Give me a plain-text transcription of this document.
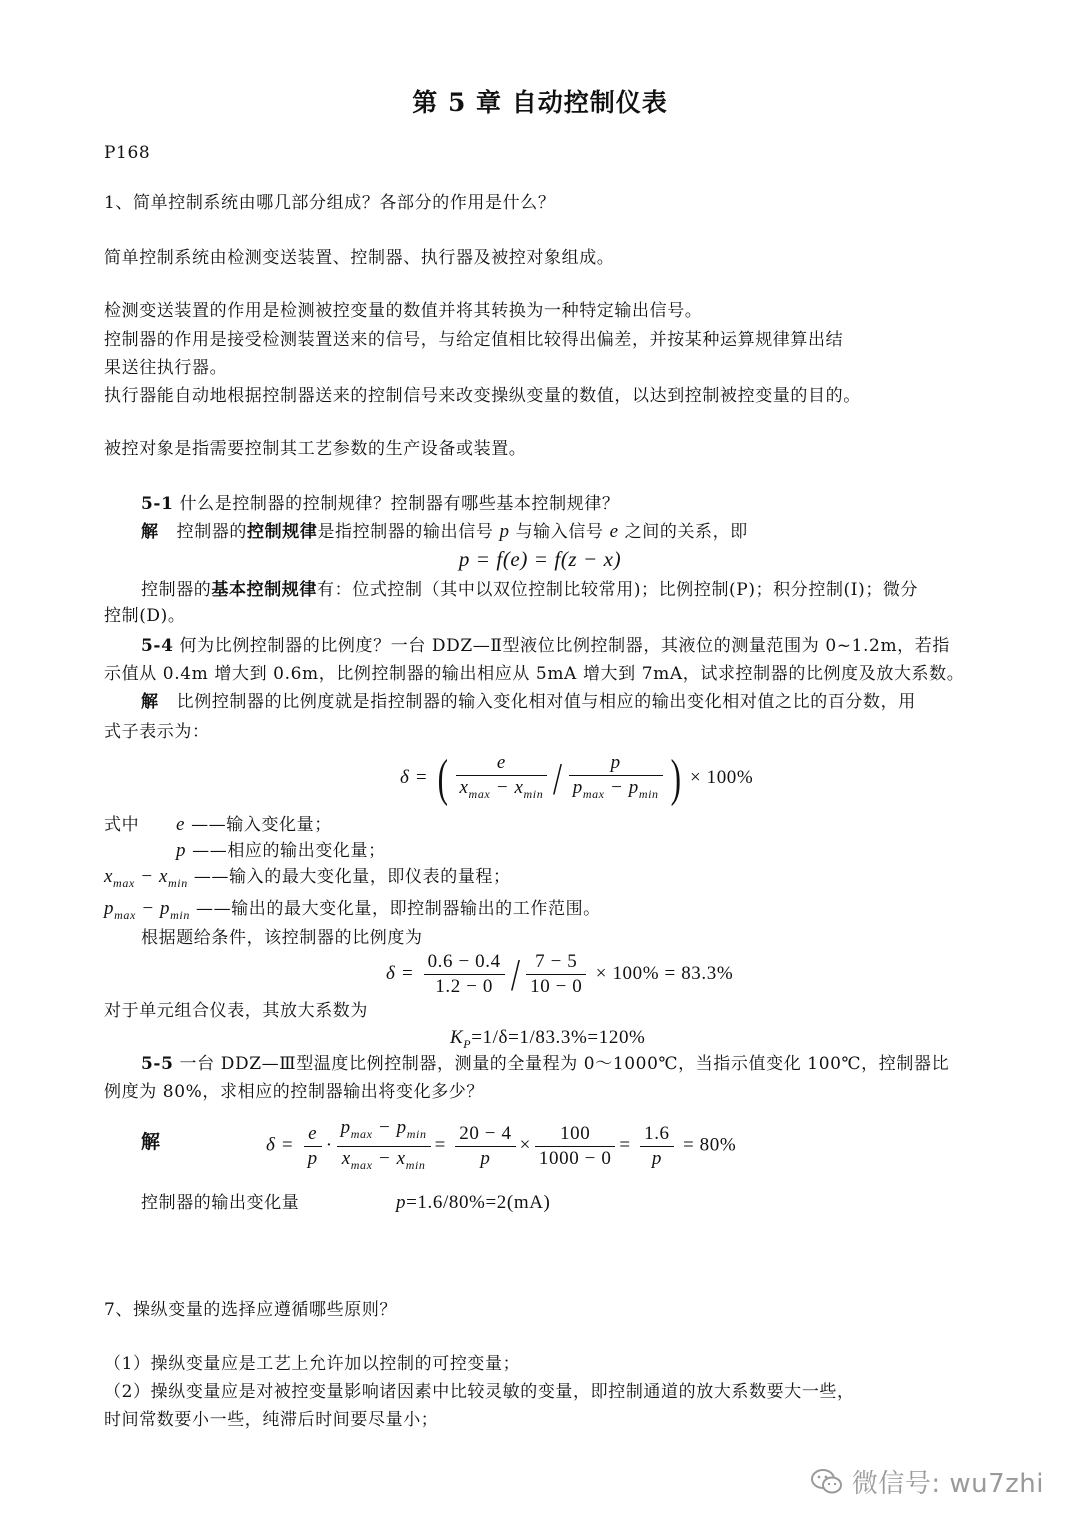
第 5 章 自动控制仪表
P168
1、简单控制系统由哪几部分组成？各部分的作用是什么？
简单控制系统由检测变送装置、控制器、执行器及被控对象组成。
检测变送装置的作用是检测被控变量的数值并将其转换为一种特定输出信号。
控制器的作用是接受检测装置送来的信号，与给定值相比较得出偏差，并按某种运算规律算出结
果送往执行器。
执行器能自动地根据控制器送来的控制信号来改变操纵变量的数值，以达到控制被控变量的目的。
被控对象是指需要控制其工艺参数的生产设备或装置。
5-1 什么是控制器的控制规律？控制器有哪些基本控制规律？
解 控制器的控制规律是指控制器的输出信号 p 与输入信号 e 之间的关系，即
p = f(e) = f(z − x)
控制器的基本控制规律有：位式控制（其中以双位控制比较常用)；比例控制(P)；积分控制(I)；微分
控制(D)。
5-4 何为比例控制器的比例度？一台 DDZ—Ⅱ型液位比例控制器，其液位的测量范围为 0~1.2m，若指
示值从 0.4m 增大到 0.6m，比例控制器的输出相应从 5mA 增大到 7mA，试求控制器的比例度及放大系数。
解 比例控制器的比例度就是指控制器的输入变化相对值与相应的输出变化相对值之比的百分数，用
式子表示为：
δ = ( $\frac{e}{x_{max} - x_{min}} / \frac{p}{p_{max} - p_{min}}$ ) × 100%
式中 e ——输入变化量；
p ——相应的输出变化量；
$x_{max} - x_{min}$ ——输入的最大变化量，即仪表的量程；
$p_{max} - p_{min}$ ——输出的最大变化量，即控制器输出的工作范围。
根据题给条件，该控制器的比例度为
$\delta = \frac{0.6 - 0.4}{1.2 - 0} / \frac{7 - 5}{10 - 0} \times 100\% = 83.3\%$
对于单元组合仪表，其放大系数为
$K_P=1/\delta=1/83.3\%=120\%$
5-5 一台 DDZ—Ⅲ型温度比例控制器，测量的全量程为 0～1000℃，当指示值变化 100℃，控制器比
例度为 80%，求相应的控制器输出将变化多少？
解	$\delta = \frac{e}{p} \cdot \frac{p_{max} - p_{min}}{x_{max} - x_{min}} = \frac{20 - 4}{p} \times \frac{100}{1000 - 0} = \frac{1.6}{p} = 80\%$
控制器的输出变化量	p=1.6/80%=2(mA)
7、操纵变量的选择应遵循哪些原则？
（1）操纵变量应是工艺上允许加以控制的可控变量；
（2）操纵变量应是对被控变量影响诸因素中比较灵敏的变量，即控制通道的放大系数要大一些，
时间常数要小一些，纯滞后时间要尽量小；
微信号: wu7zhi
